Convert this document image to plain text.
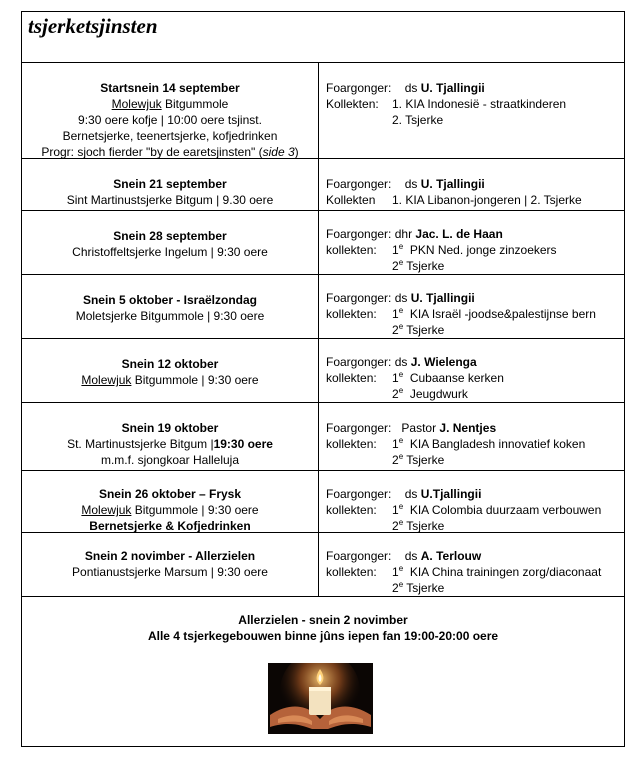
tsjerketsjinsten
Startsnein 14 september
Molewjuk Bitgummole
9:30 oere kofje | 10:00 oere tsjinst.
Bernetsjerke, teenertsjerke, kofjedrinken
Progr: sjoch fierder "by de earetsjinsten" (side 3)
Foargonger: ds U. Tjallingii
Kollekten: 1. KIA Indonesië - straatkinderen
2. Tsjerke
Snein 21 september
Sint Martinustsjerke Bitgum | 9.30 oere
Foargonger: ds U. Tjallingii
Kollekten 1. KIA Libanon-jongeren | 2. Tsjerke
Snein 28 september
Christoffeltsjerke Ingelum | 9:30 oere
Foargonger: dhr Jac. L. de Haan
kollekten: 1e PKN Ned. jonge zinzoekers
2e Tsjerke
Snein 5 oktober - Israëlzondag
Moletsjerke Bitgummole | 9:30 oere
Foargonger: ds U. Tjallingii
kollekten: 1e KIA Israël -joodse&palestijnse bern
2e Tsjerke
Snein 12 oktober
Molewjuk Bitgummole | 9:30 oere
Foargonger: ds J. Wielenga
kollekten: 1e Cubaanse kerken
2e Jeugdwurk
Snein 19 oktober
St. Martinustsjerke Bitgum |19:30 oere
m.m.f. sjongkoar Halleluja
Foargonger: Pastor J. Nentjes
kollekten: 1e KIA Bangladesh innovatief koken
2e Tsjerke
Snein 26 oktober – Frysk
Molewjuk Bitgummole | 9:30 oere
Bernetsjerke & Kofjedrinken
Foargonger: ds U.Tjallingii
kollekten: 1e KIA Colombia duurzaam verbouwen
2e Tsjerke
Snein 2 novimber - Allerzielen
Pontianustsjerke Marsum | 9:30 oere
Foargonger: ds A. Terlouw
kollekten: 1e KIA China trainingen zorg/diaconaat
2e Tsjerke
Allerzielen - snein 2 novimber
Alle 4 tsjerkegebouwen binne jûns iepen fan 19:00-20:00 oere
